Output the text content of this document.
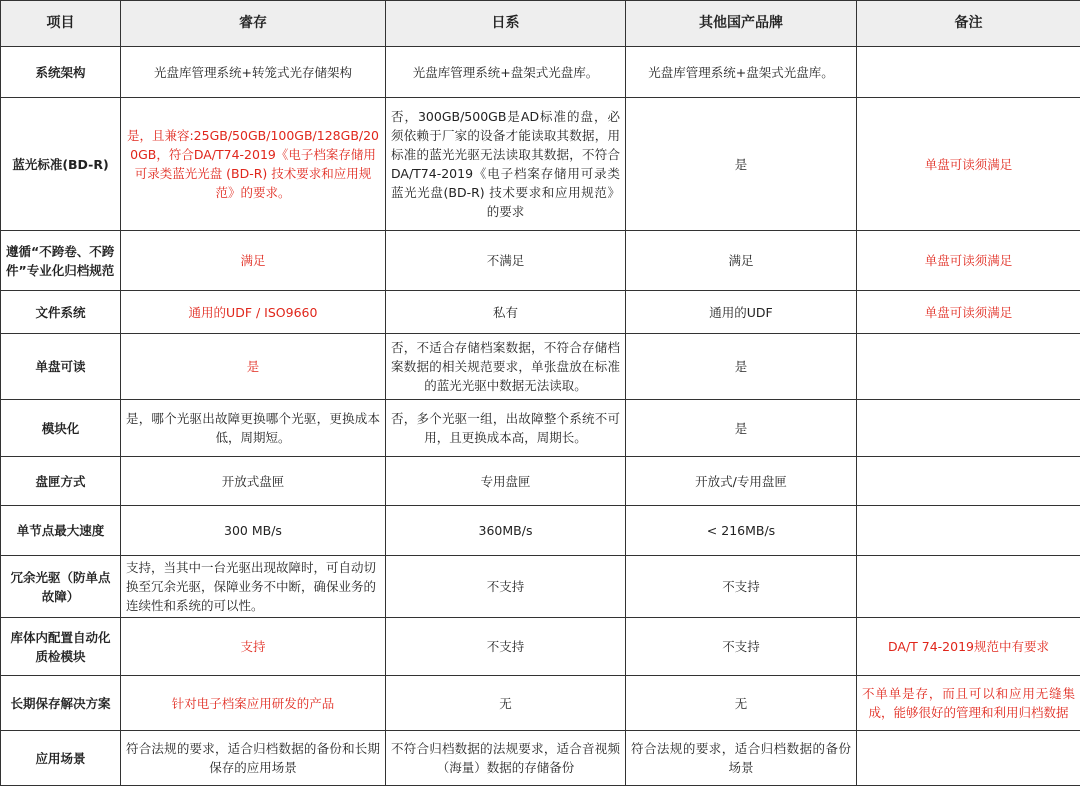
项目	睿存	日系	其他国产品牌	备注
系统架构	光盘库管理系统+转笼式光存储架构	光盘库管理系统+盘架式光盘库。	光盘库管理系统+盘架式光盘库。	
蓝光标准(BD-R)	是，且兼容:25GB/50GB/100GB/128GB/200GB，符合DA/T74-2019《电子档案存储用可录类蓝光光盘 (BD-R) 技术要求和应用规范》的要求。	否，300GB/500GB是AD标准的盘，必须依赖于厂家的设备才能读取其数据，用标准的蓝光光驱无法读取其数据，不符合DA/T74-2019《电子档案存储用可录类蓝光光盘(BD-R) 技术要求和应用规范》的要求	是	单盘可读须满足
遵循“不跨卷、不跨件”专业化归档规范	满足	不满足	满足	单盘可读须满足
文件系统	通用的UDF / ISO9660	私有	通用的UDF	单盘可读须满足
单盘可读	是	否，不适合存储档案数据，不符合存储档案数据的相关规范要求，单张盘放在标准的蓝光光驱中数据无法读取。	是	
模块化	是，哪个光驱出故障更换哪个光驱，更换成本低，周期短。	否，多个光驱一组，出故障整个系统不可用，且更换成本高，周期长。	是	
盘匣方式	开放式盘匣	专用盘匣	开放式/专用盘匣	
单节点最大速度	300 MB/s	360MB/s	< 216MB/s	
冗余光驱（防单点故障）	支持，当其中一台光驱出现故障时，可自动切换至冗余光驱，保障业务不中断，确保业务的连续性和系统的可以性。	不支持	不支持	
库体内配置自动化质检模块	支持	不支持	不支持	DA/T 74-2019规范中有要求
长期保存解决方案	针对电子档案应用研发的产品	无	无	不单单是存，而且可以和应用无缝集成，能够很好的管理和利用归档数据
应用场景	符合法规的要求，适合归档数据的备份和长期保存的应用场景	不符合归档数据的法规要求，适合音视频（海量）数据的存储备份	符合法规的要求，适合归档数据的备份场景	
